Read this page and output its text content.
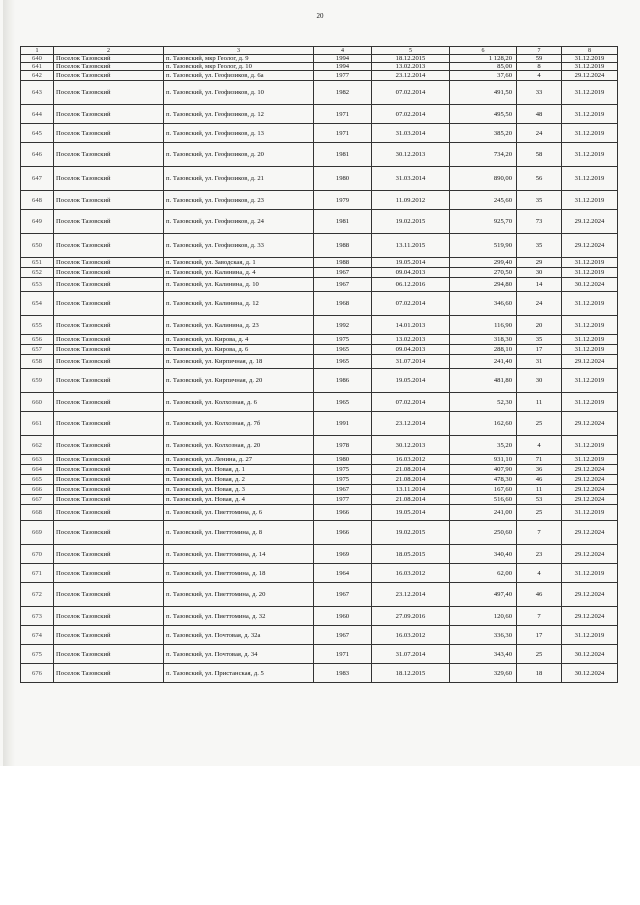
20
1	2	3	4	5	6	7	8
640	Поселок Тазовский	п. Тазовский, мкр Геолог, д. 9	1994	18.12.2015	1 128,20	59	31.12.2019
641	Поселок Тазовский	п. Тазовский, мкр Геолог, д. 10	1994	13.02.2013	85,00	8	31.12.2019
642	Поселок Тазовский	п. Тазовский, ул. Геофизиков, д. 6а	1977	23.12.2014	37,60	4	29.12.2024
643	Поселок Тазовский	п. Тазовский, ул. Геофизиков, д. 10	1982	07.02.2014	491,50	33	31.12.2019
644	Поселок Тазовский	п. Тазовский, ул. Геофизиков, д. 12	1971	07.02.2014	495,50	48	31.12.2019
645	Поселок Тазовский	п. Тазовский, ул. Геофизиков, д. 13	1971	31.03.2014	385,20	24	31.12.2019
646	Поселок Тазовский	п. Тазовский, ул. Геофизиков, д. 20	1981	30.12.2013	734,20	58	31.12.2019
647	Поселок Тазовский	п. Тазовский, ул. Геофизиков, д. 21	1980	31.03.2014	890,00	56	31.12.2019
648	Поселок Тазовский	п. Тазовский, ул. Геофизиков, д. 23	1979	11.09.2012	245,60	35	31.12.2019
649	Поселок Тазовский	п. Тазовский, ул. Геофизиков, д. 24	1981	19.02.2015	925,70	73	29.12.2024
650	Поселок Тазовский	п. Тазовский, ул. Геофизиков, д. 33	1988	13.11.2015	519,90	35	29.12.2024
651	Поселок Тазовский	п. Тазовский, ул. Заводская, д. 1	1988	19.05.2014	299,40	29	31.12.2019
652	Поселок Тазовский	п. Тазовский, ул. Калинина, д. 4	1967	09.04.2013	270,50	30	31.12.2019
653	Поселок Тазовский	п. Тазовский, ул. Калинина, д. 10	1967	06.12.2016	294,80	14	30.12.2024
654	Поселок Тазовский	п. Тазовский, ул. Калинина, д. 12	1968	07.02.2014	346,60	24	31.12.2019
655	Поселок Тазовский	п. Тазовский, ул. Калинина, д. 23	1992	14.01.2013	116,90	20	31.12.2019
656	Поселок Тазовский	п. Тазовский, ул. Кирова, д. 4	1975	13.02.2013	318,30	35	31.12.2019
657	Поселок Тазовский	п. Тазовский, ул. Кирова, д. 6	1965	09.04.2013	288,10	17	31.12.2019
658	Поселок Тазовский	п. Тазовский, ул. Кирпичная, д. 18	1965	31.07.2014	241,40	31	29.12.2024
659	Поселок Тазовский	п. Тазовский, ул. Кирпичная, д. 20	1986	19.05.2014	481,80	30	31.12.2019
660	Поселок Тазовский	п. Тазовский, ул. Колхозная, д. 6	1965	07.02.2014	52,30	11	31.12.2019
661	Поселок Тазовский	п. Тазовский, ул. Колхозная, д. 7б	1991	23.12.2014	162,60	25	29.12.2024
662	Поселок Тазовский	п. Тазовский, ул. Колхозная, д. 20	1978	30.12.2013	35,20	4	31.12.2019
663	Поселок Тазовский	п. Тазовский, ул. Ленина, д. 27	1980	16.03.2012	931,10	71	31.12.2019
664	Поселок Тазовский	п. Тазовский, ул. Новая, д. 1	1975	21.08.2014	407,90	36	29.12.2024
665	Поселок Тазовский	п. Тазовский, ул. Новая, д. 2	1975	21.08.2014	478,30	46	29.12.2024
666	Поселок Тазовский	п. Тазовский, ул. Новая, д. 3	1967	13.11.2014	167,60	11	29.12.2024
667	Поселок Тазовский	п. Тазовский, ул. Новая, д. 4	1977	21.08.2014	516,60	53	29.12.2024
668	Поселок Тазовский	п. Тазовский, ул. Пиеттомина, д. 6	1966	19.05.2014	241,00	25	31.12.2019
669	Поселок Тазовский	п. Тазовский, ул. Пиеттомина, д. 8	1966	19.02.2015	250,60	7	29.12.2024
670	Поселок Тазовский	п. Тазовский, ул. Пиеттомина, д. 14	1969	18.05.2015	340,40	23	29.12.2024
671	Поселок Тазовский	п. Тазовский, ул. Пиеттомина, д. 18	1964	16.03.2012	62,00	4	31.12.2019
672	Поселок Тазовский	п. Тазовский, ул. Пиеттомина, д. 20	1967	23.12.2014	497,40	46	29.12.2024
673	Поселок Тазовский	п. Тазовский, ул. Пиеттомина, д. 32	1960	27.09.2016	120,60	7	29.12.2024
674	Поселок Тазовский	п. Тазовский, ул. Почтовая, д. 32а	1967	16.03.2012	336,30	17	31.12.2019
675	Поселок Тазовский	п. Тазовский, ул. Почтовая, д. 34	1971	31.07.2014	343,40	25	30.12.2024
676	Поселок Тазовский	п. Тазовский, ул. Пристанская, д. 5	1983	18.12.2015	329,60	18	30.12.2024
